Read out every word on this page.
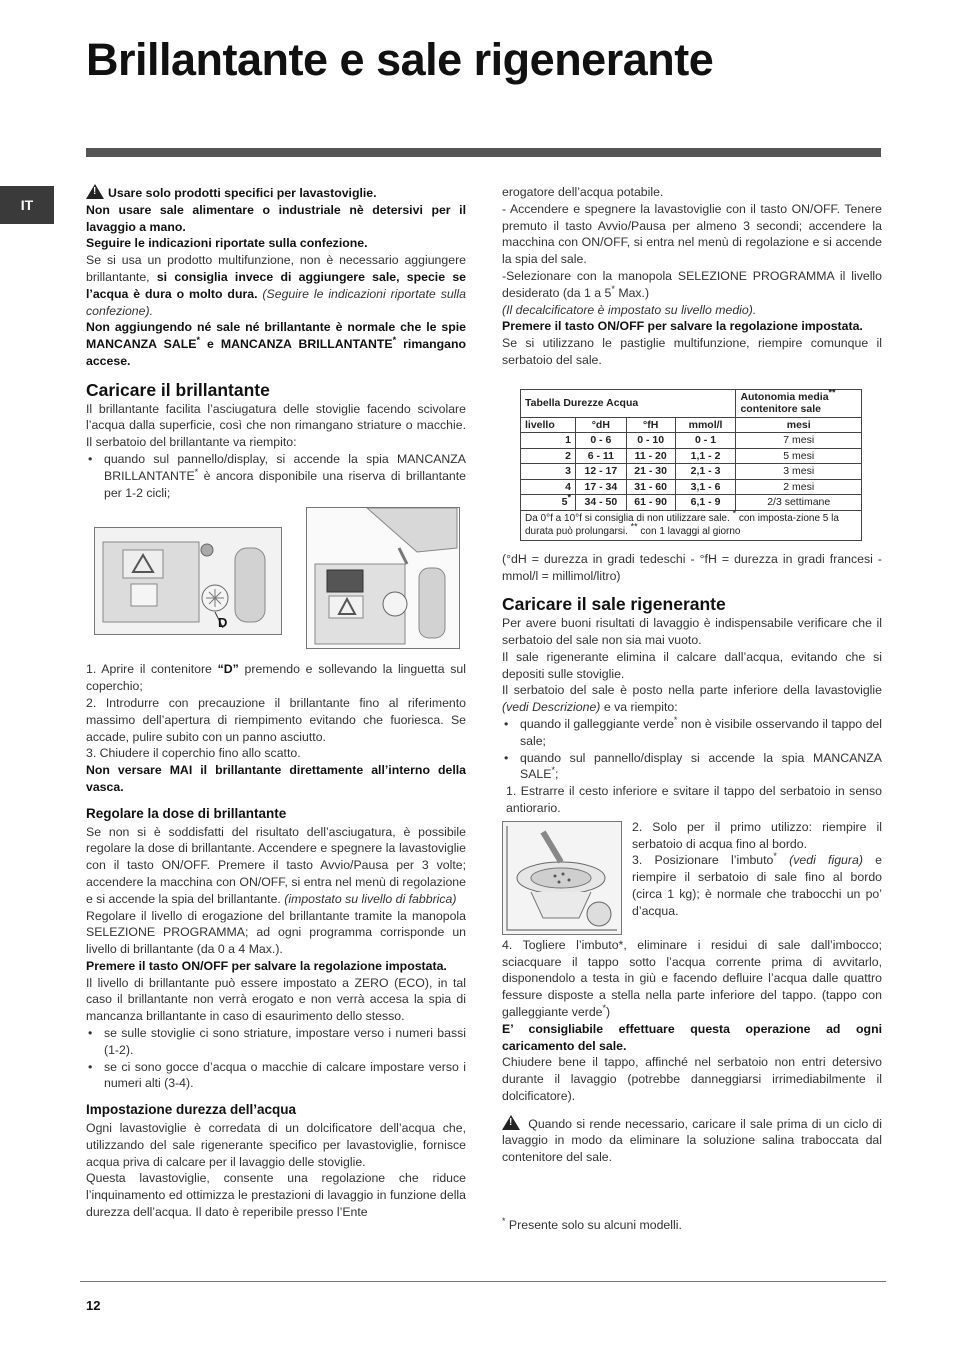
Brillantante e sale rigenerante
IT

!Usare solo prodotti specifici per lavastoviglie.

Non usare sale alimentare o industriale nè detersivi per il lavaggio a mano.

Seguire le indicazioni riportate sulla confezione.

Se si usa un prodotto multifunzione, non è necessario aggiungere brillantante, si consiglia invece di aggiungere sale, specie se l’acqua è dura o molto dura. (Seguire le indicazioni riportate sulla confezione).

Non aggiungendo né sale né brillantante è normale che le spie MANCANZA SALE* e MANCANZA BRILLANTANTE* rimangano accese.

Caricare il brillantante

Il brillantante facilita l’asciugatura delle stoviglie facendo scivolare l’acqua dalla superficie, così che non rimangano striature o macchie. Il serbatoio del brillantante va riempito:

• quando sul pannello/display, si accende la spia MANCANZA BRILLANTANTE* è ancora disponibile una riserva di brillantante per 1-2 cicli;

D

1. Aprire il contenitore “D” premendo e sollevando la linguetta sul coperchio;

2. Introdurre con precauzione il brillantante fino al riferimento massimo dell’apertura di riempimento evitando che fuoriesca. Se accade, pulire subito con un panno asciutto.

3. Chiudere il coperchio fino allo scatto.

Non versare MAI il brillantante direttamente all’interno della vasca.

Regolare la dose di brillantante

Se non si è soddisfatti del risultato dell’asciugatura, è possibile regolare la dose di brillantante. Accendere e spegnere la lavastoviglie con il tasto ON/OFF. Premere il tasto Avvio/Pausa per 3 volte; accendere la macchina con ON/OFF, si entra nel menù di regolazione e si accende la spia del brillantante. (impostato su livello di fabbrica)

Regolare il livello di erogazione del brillantante tramite la manopola SELEZIONE PROGRAMMA; ad ogni programma corrisponde un livello di brillantante (da 0 a 4 Max.).

Premere il tasto ON/OFF per salvare la regolazione impostata.

Il livello di brillantante può essere impostato a ZERO (ECO), in tal caso il brillantante non verrà erogato e non verrà accesa la spia di mancanza brillantante in caso di esaurimento dello stesso.

• se sulle stoviglie ci sono striature, impostare verso i numeri bassi (1-2).

• se ci sono gocce d’acqua o macchie di calcare impostare verso i numeri alti (3-4).

Impostazione durezza dell’acqua

Ogni lavastoviglie è corredata di un dolcificatore dell’acqua che, utilizzando del sale rigenerante specifico per lavastoviglie, fornisce acqua priva di calcare per il lavaggio delle stoviglie.

Questa lavastoviglie, consente una regolazione che riduce l’inquinamento ed ottimizza le prestazioni di lavaggio in funzione della durezza dell’acqua. Il dato è reperibile presso l’Ente

erogatore dell’acqua potabile.

- Accendere e spegnere la lavastoviglie con il tasto ON/OFF. Tenere premuto il tasto Avvio/Pausa per almeno 3 secondi; accendere la macchina con ON/OFF, si entra nel menù di regolazione e si accende la spia del sale.

-Selezionare con la manopola SELEZIONE PROGRAMMA il livello desiderato (da 1 a 5* Max.)

(Il decalcificatore è impostato su livello medio).

Premere il tasto ON/OFF per salvare la regolazione impostata.

Se si utilizzano le pastiglie multifunzione, riempire comunque il serbatoio del sale.

Tabella Durezze Acqua				Autonomia media**
contenitore sale
livello	°dH	°fH	mmol/l	mesi
1	0 - 6	0 - 10	0 - 1	7 mesi
2	6 - 11	11 - 20	1,1 - 2	5 mesi
3	12 - 17	21 - 30	2,1 - 3	3 mesi
4	17 - 34	31 - 60	3,1 - 6	2 mesi
5*	34 - 50	61 - 90	6,1 - 9	2/3 settimane
Da 0°f a 10°f si consiglia di non utilizzare sale. * con imposta-zione 5 la durata può prolungarsi. ** con 1 lavaggi al giorno				

(°dH = durezza in gradi tedeschi - °fH = durezza in gradi francesi - mmol/l = millimol/litro)

Caricare il sale rigenerante

Per avere buoni risultati di lavaggio è indispensabile verificare che il serbatoio del sale non sia mai vuoto.

Il sale rigenerante elimina il calcare dall’acqua, evitando che si depositi sulle stoviglie.

Il serbatoio del sale è posto nella parte inferiore della lavastoviglie (vedi Descrizione) e va riempito:

• quando il galleggiante verde* non è visibile osservando il tappo del sale;

• quando sul pannello/display si accende la spia MANCANZA SALE*;

1. Estrarre il cesto inferiore e svitare il tappo del serbatoio in senso antiorario.

2. Solo per il primo utilizzo: riempire il serbatoio di acqua fino al bordo.

3. Posizionare l’imbuto* (vedi figura) e riempire il serbatoio di sale fino al bordo (circa 1 kg); è normale che trabocchi un po’ d’acqua.

4. Togliere l’imbuto*, eliminare i residui di sale dall’imbocco; sciacquare il tappo sotto l’acqua corrente prima di avvitarlo, disponendolo a testa in giù e facendo defluire l’acqua dalle quattro fessure disposte a stella nella parte inferiore del tappo. (tappo con galleggiante verde*)

E’ consigliabile effettuare questa operazione ad ogni caricamento del sale.

Chiudere bene il tappo, affinché nel serbatoio non entri detersivo durante il lavaggio (potrebbe danneggiarsi irrimediabilmente il dolcificatore).

! Quando si rende necessario, caricare il sale prima di un ciclo di lavaggio in modo da eliminare la soluzione salina traboccata dal contenitore del sale.

* Presente solo su alcuni modelli.
12
